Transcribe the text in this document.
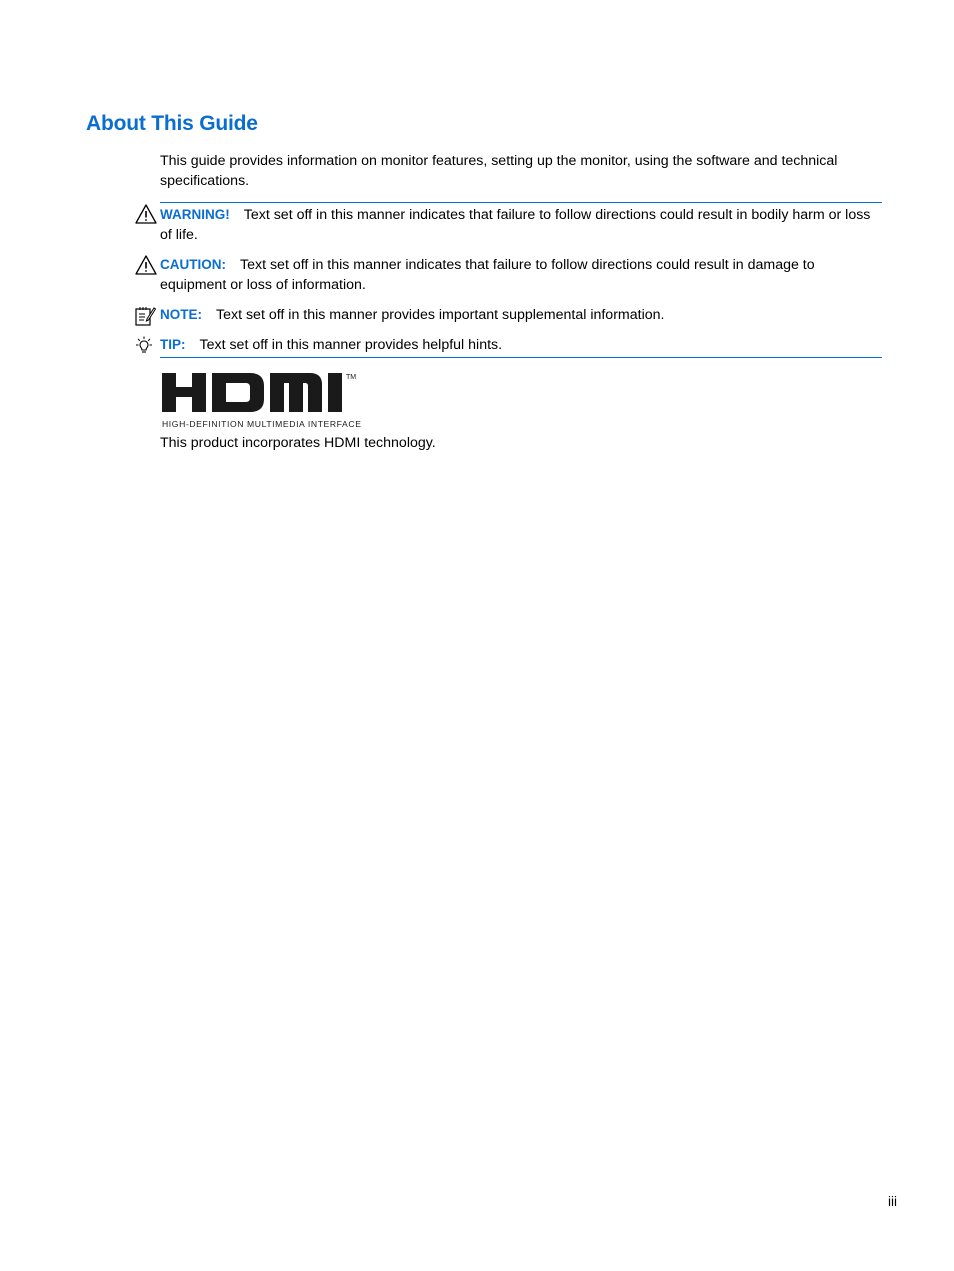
About This Guide

This guide provides information on monitor features, setting up the monitor, using the software and technical specifications.

WARNING! Text set off in this manner indicates that failure to follow directions could result in bodily harm or loss of life.
CAUTION: Text set off in this manner indicates that failure to follow directions could result in damage to equipment or loss of information.
NOTE: Text set off in this manner provides important supplemental information.
TIP: Text set off in this manner provides helpful hints.
TM
HIGH-DEFINITION MULTIMEDIA INTERFACE

This product incorporates HDMI technology.

iii
